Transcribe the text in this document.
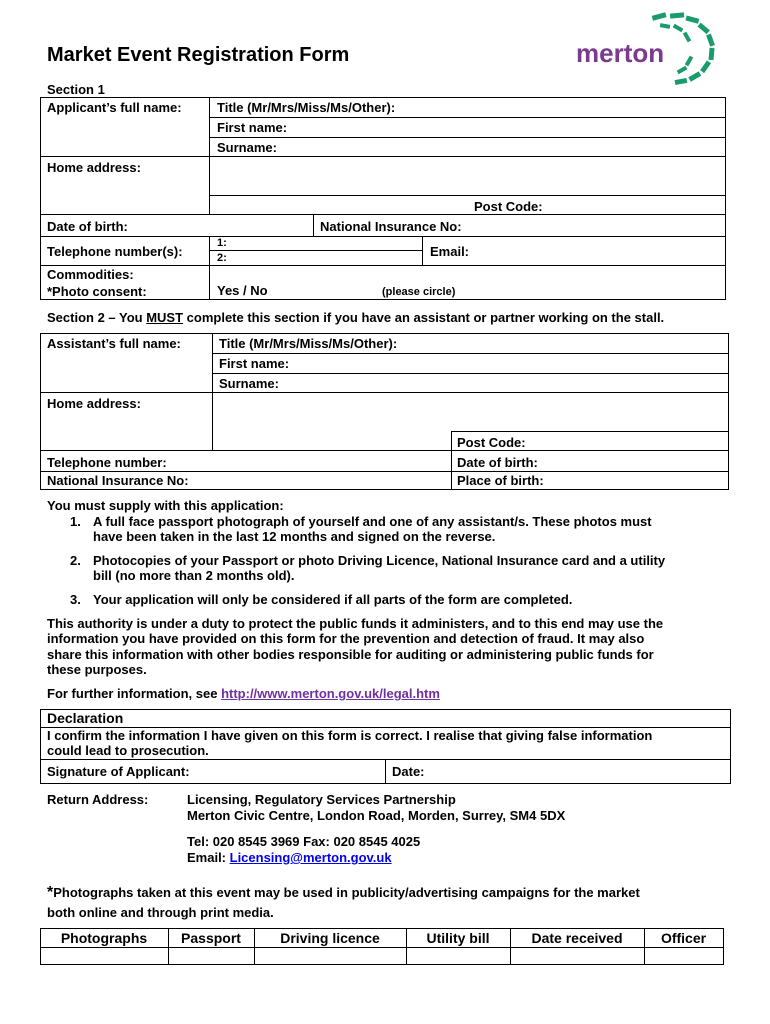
Market Event Registration Form	merton
Section 1
Applicant’s full name:	Title (Mr/Mrs/Miss/Ms/Other):
First name:
Surname:
Home address:
Post Code:
Date of birth:	National Insurance No:
Telephone number(s):
1:
2:	Email:
Commodities:
*Photo consent:	Yes / No	(please circle)
Section 2 – You MUST complete this section if you have an assistant or partner working on the stall.
Assistant’s full name:	Title (Mr/Mrs/Miss/Ms/Other):
First name:
Surname:
Home address:
Post Code:
Telephone number:	Date of birth:
National Insurance No:	Place of birth:
You must supply with this application:
1. A full face passport photograph of yourself and one of any assistant/s. These photos must
have been taken in the last 12 months and signed on the reverse.
2. Photocopies of your Passport or photo Driving Licence, National Insurance card and a utility
bill (no more than 2 months old).
3. Your application will only be considered if all parts of the form are completed.
This authority is under a duty to protect the public funds it administers, and to this end may use the
information you have provided on this form for the prevention and detection of fraud. It may also
share this information with other bodies responsible for auditing or administering public funds for
these purposes.
For further information, see http://www.merton.gov.uk/legal.htm
Declaration
I confirm the information I have given on this form is correct. I realise that giving false information
could lead to prosecution.
Signature of Applicant:	Date:
Return Address:	Licensing, Regulatory Services Partnership
Merton Civic Centre, London Road, Morden, Surrey, SM4 5DX
Tel: 020 8545 3969 Fax: 020 8545 4025
Email: Licensing@merton.gov.uk
*Photographs taken at this event may be used in publicity/advertising campaigns for the market
both online and through print media.
Photographs	Passport	Driving licence	Utility bill	Date received	Officer
